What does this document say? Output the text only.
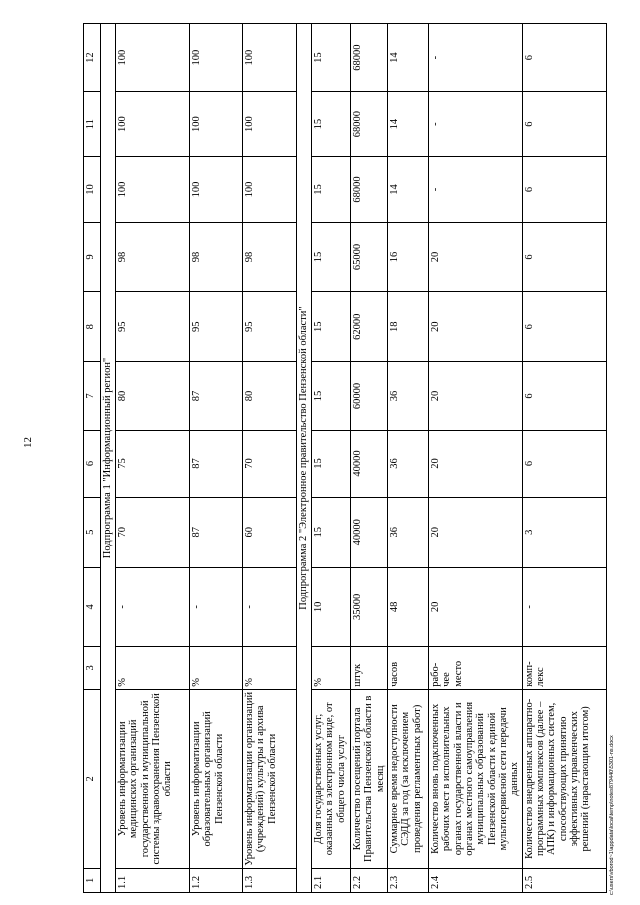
12
1	2	3	4	5	6	7	8	9	10	11	12
Подпрограмма 1 "Информационный регион"											
1.1	Уровень информатизации медицинских организаций государственной и муниципальной системы здравоохранения Пензенской области	%	-	70	75	80	95	98	100	100	100
1.2	Уровень информатизации образовательных организаций Пензенской области	%	-	87	87	87	95	98	100	100	100
1.3	Уровень информатизации организаций (учреждений) культуры и архива Пензенской области	%	-	60	70	80	95	98	100	100	100
Подпрограмма 2 "Электронное правительство Пензенской области"											
2.1	Доля государственных услуг, оказанных в электронном виде, от общего числа услуг	%	10	15	15	15	15	15	15	15	15
2.2	Количество посещений портала Правительства Пензенской области в месяц	штук	35000	40000	40000	60000	62000	65000	68000	68000	68000
2.3	Суммарное время недоступности СЭДД за год (за исключением проведения регламентных работ)	часов	48	36	36	36	18	16	14	14	14
2.4	Количество вновь подключенных рабочих мест в исполнительных органах государственной власти и органах местного самоуправления муниципальных образований Пензенской области к единой мультисервисной сети передачи данных	рабо-чее место	20	20	20	20	20	20	-	-	-
2.5	Количество внедренных аппаратно-программных комплексов (далее – АПК) и информационных систем, способствующих принятию эффективных управленческих решений (нарастающим итогом)	комп-лекс	-	3	6	6	6	6	6	6	6
c:\users\vborod~1\appdata\local\temp\notes879440\5301-ns.docx
